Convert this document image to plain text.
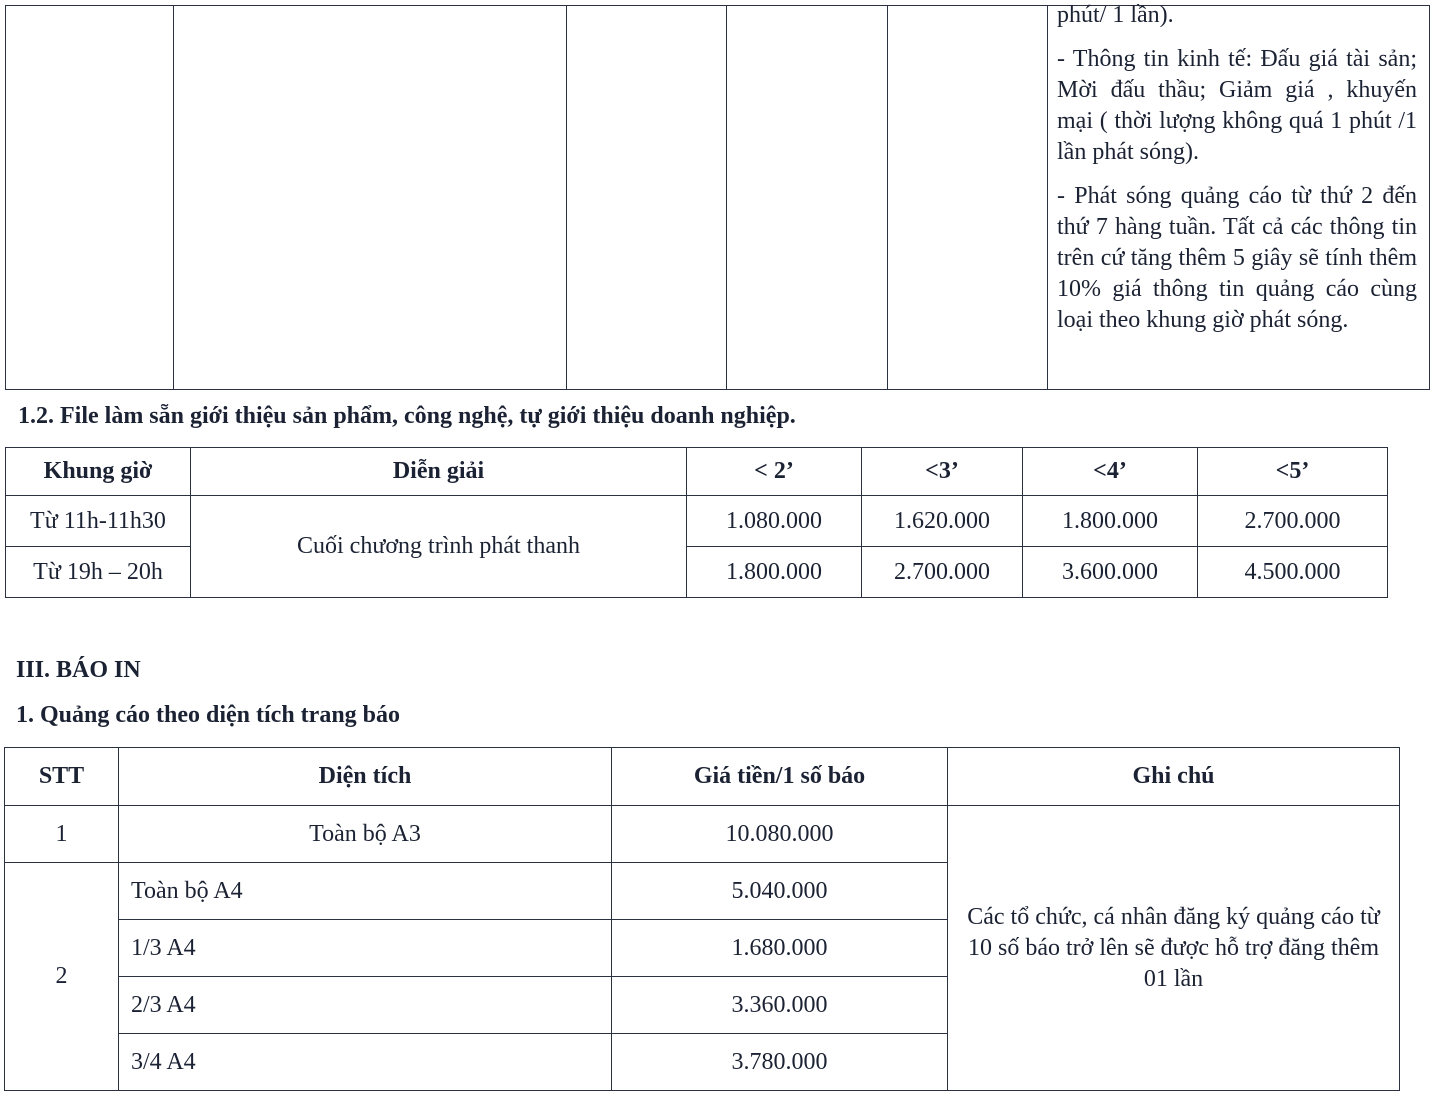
phút/ 1 lần).

- Thông tin kinh tế: Đấu giá tài sản; Mời đấu thầu; Giảm giá , khuyến mại ( thời lượng không quá 1 phút /1 lần phát sóng).

- Phát sóng quảng cáo từ thứ 2 đến thứ 7 hàng tuần. Tất cả các thông tin trên cứ tăng thêm 5 giây sẽ tính thêm 10% giá thông tin quảng cáo cùng loại theo khung giờ phát sóng.

1.2. File làm sẵn giới thiệu sản phẩm, công nghệ, tự giới thiệu doanh nghiệp.
Khung giờ	Diễn giải	< 2’	<3’	<4’	<5’
Từ 11h-11h30	Cuối chương trình phát thanh	1.080.000	1.620.000	1.800.000	2.700.000
Từ 19h – 20h		1.800.000	2.700.000	3.600.000	4.500.000
III. BÁO IN
1. Quảng cáo theo diện tích trang báo
STT	Diện tích	Giá tiền/1 số báo	Ghi chú
1	Toàn bộ A3	10.080.000	Các tổ chức, cá nhân đăng ký quảng cáo từ 10 số báo trở lên sẽ được hỗ trợ đăng thêm 01 lần
2	Toàn bộ A4	5.040.000	
	1/3 A4	1.680.000	
	2/3 A4	3.360.000	
	3/4 A4	3.780.000	
